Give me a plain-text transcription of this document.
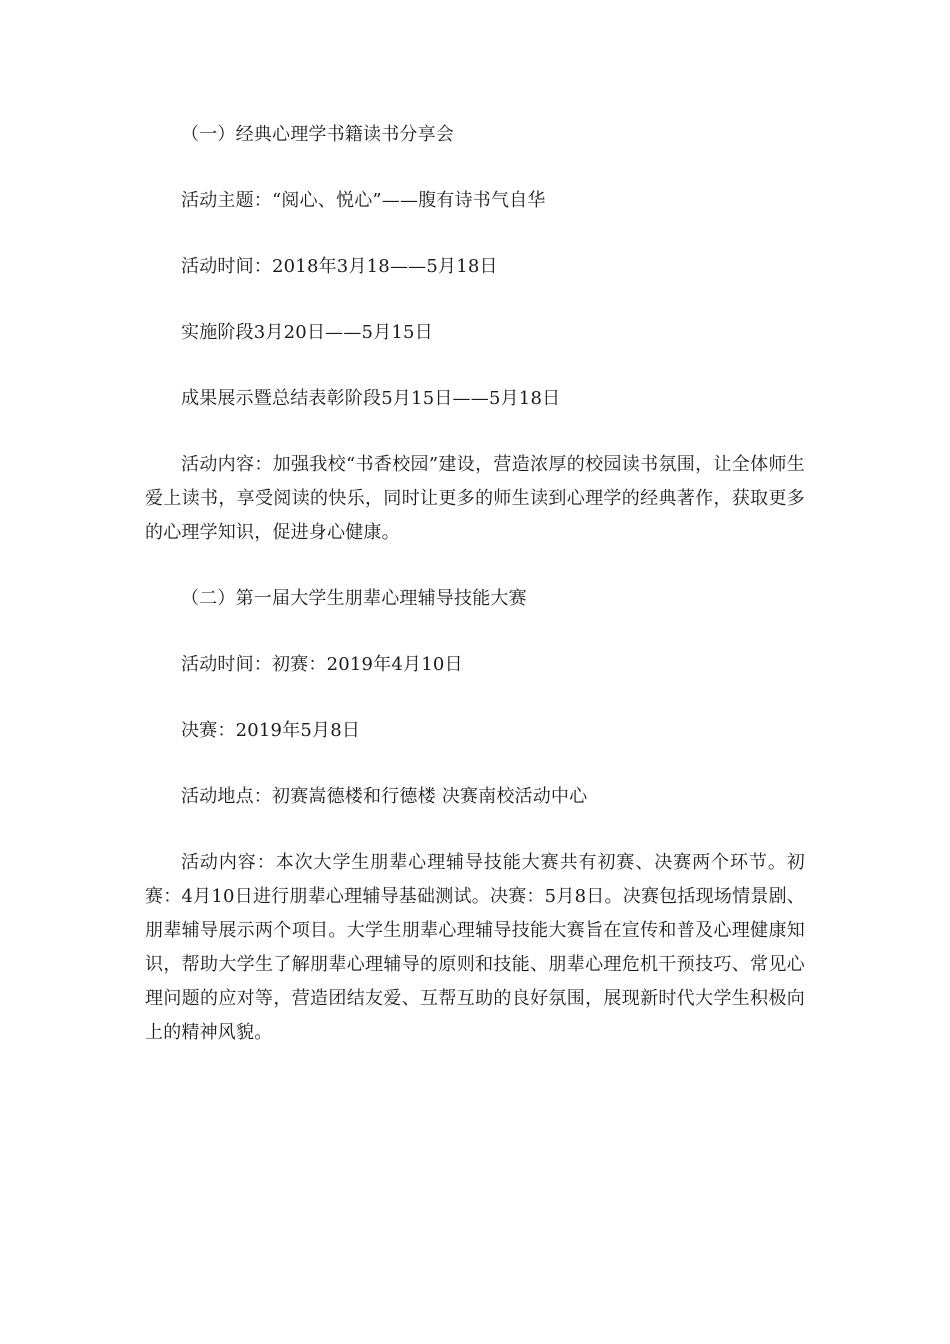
（一）经典心理学书籍读书分享会

活动主题：“阅心、悦心”——腹有诗书气自华

活动时间：2018年3月18——5月18日

实施阶段3月20日——5月15日

成果展示暨总结表彰阶段5月15日——5月18日

活动内容：加强我校“书香校园”建设，营造浓厚的校园读书氛围，让全体师生爱上读书，享受阅读的快乐，同时让更多的师生读到心理学的经典著作，获取更多的心理学知识，促进身心健康。

（二）第一届大学生朋辈心理辅导技能大赛

活动时间：初赛：2019年4月10日

决赛：2019年5月8日

活动地点：初赛嵩德楼和行德楼 决赛南校活动中心

活动内容：本次大学生朋辈心理辅导技能大赛共有初赛、决赛两个环节。初赛：4月10日进行朋辈心理辅导基础测试。决赛：5月8日。决赛包括现场情景剧、朋辈辅导展示两个项目。大学生朋辈心理辅导技能大赛旨在宣传和普及心理健康知识，帮助大学生了解朋辈心理辅导的原则和技能、朋辈心理危机干预技巧、常见心理问题的应对等，营造团结友爱、互帮互助的良好氛围，展现新时代大学生积极向上的精神风貌。
